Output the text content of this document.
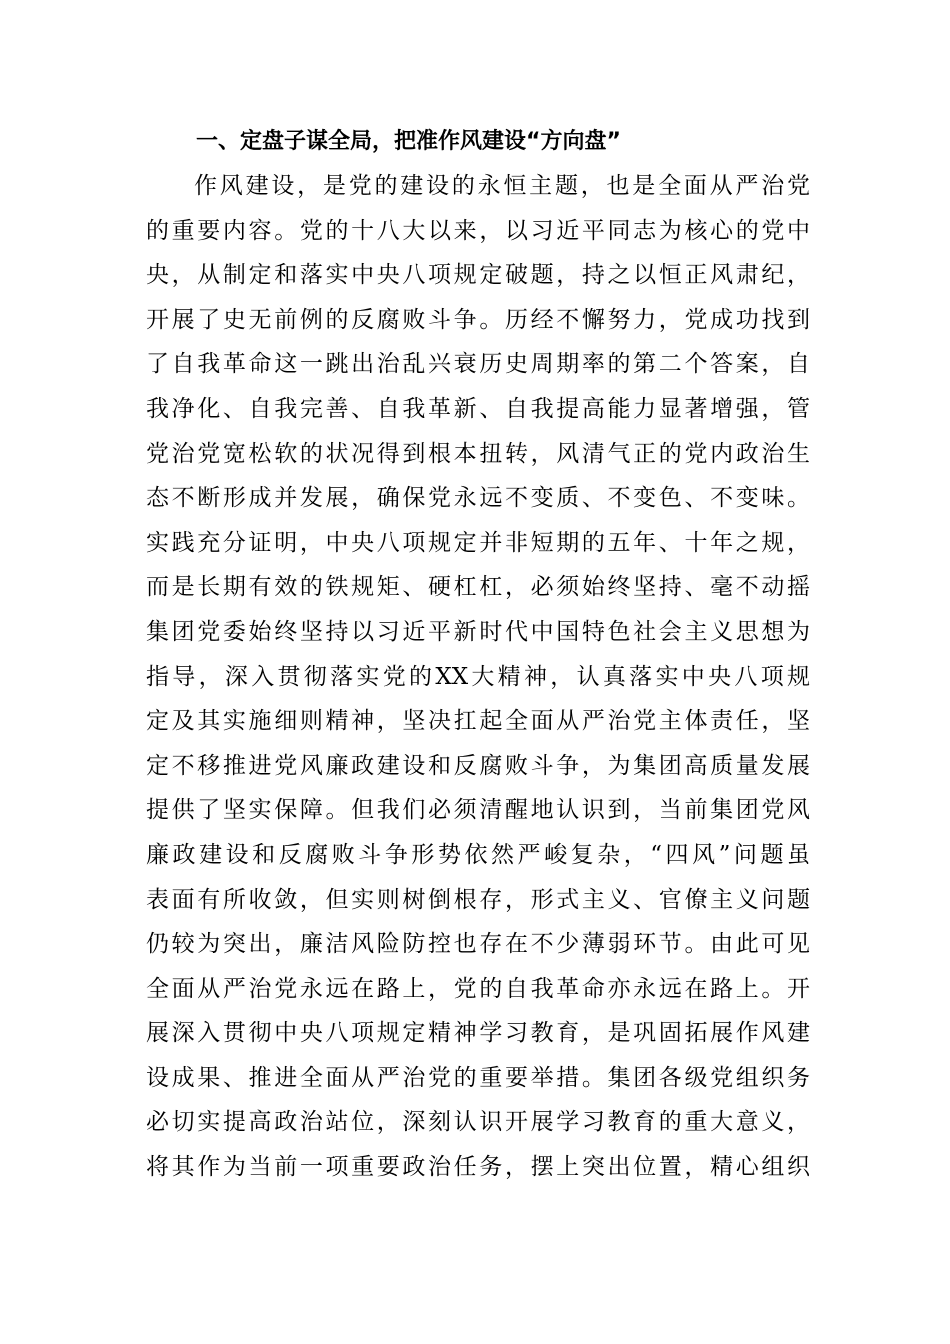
一、定盘子谋全局，把准作风建设“方向盘”
作风建设，是党的建设的永恒主题，也是全面从严治党
的重要内容。党的十八大以来，以习近平同志为核心的党中
央，从制定和落实中央八项规定破题，持之以恒正风肃纪，
开展了史无前例的反腐败斗争。历经不懈努力，党成功找到
了自我革命这一跳出治乱兴衰历史周期率的第二个答案，自
我净化、自我完善、自我革新、自我提高能力显著增强，管
党治党宽松软的状况得到根本扭转，风清气正的党内政治生
态不断形成并发展，确保党永远不变质、不变色、不变味。
实践充分证明，中央八项规定并非短期的五年、十年之规，
而是长期有效的铁规矩、硬杠杠，必须始终坚持、毫不动摇
集团党委始终坚持以习近平新时代中国特色社会主义思想为
指导，深入贯彻落实党的XX大精神，认真落实中央八项规
定及其实施细则精神，坚决扛起全面从严治党主体责任，坚
定不移推进党风廉政建设和反腐败斗争，为集团高质量发展
提供了坚实保障。但我们必须清醒地认识到，当前集团党风
廉政建设和反腐败斗争形势依然严峻复杂，“四风”问题虽
表面有所收敛，但实则树倒根存，形式主义、官僚主义问题
仍较为突出，廉洁风险防控也存在不少薄弱环节。由此可见
全面从严治党永远在路上，党的自我革命亦永远在路上。开
展深入贯彻中央八项规定精神学习教育，是巩固拓展作风建
设成果、推进全面从严治党的重要举措。集团各级党组织务
必切实提高政治站位，深刻认识开展学习教育的重大意义，
将其作为当前一项重要政治任务，摆上突出位置，精心组织
